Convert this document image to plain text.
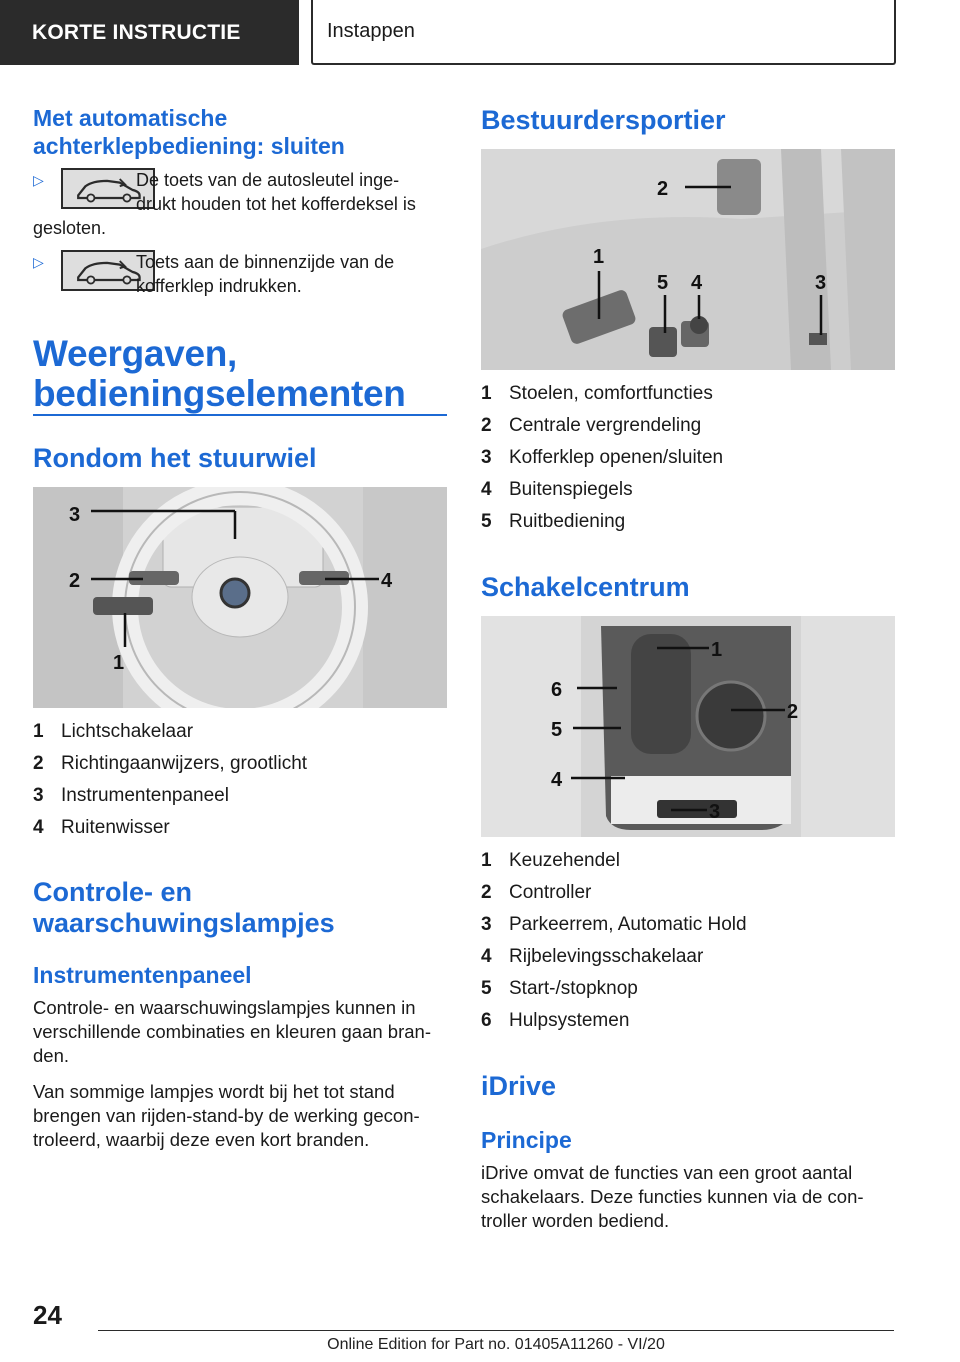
KORTE INSTRUCTIE	Instappen
Met automatische
achterklepbediening: sluiten
▷	De toets van de autosleutel inge-
drukt houden tot het kofferdeksel is
gesloten.
▷	Toets aan de binnenzijde van de
kofferklep indrukken.
Weergaven,
bedieningselementen
Rondom het stuurwiel
3
2	4
1
1 Lichtschakelaar
2 Richtingaanwijzers, grootlicht
3 Instrumentenpaneel
4 Ruitenwisser
Controle- en
waarschuwingslampjes
Instrumentenpaneel
Controle- en waarschuwingslampjes kunnen in
verschillende combinaties en kleuren gaan bran-
den.
Van sommige lampjes wordt bij het tot stand
brengen van rijden-stand-by de werking gecon-
troleerd, waarbij deze even kort branden.
Bestuurdersportier
2
1
5 4	3
1 Stoelen, comfortfuncties
2 Centrale vergrendeling
3 Kofferklep openen/sluiten
4 Buitenspiegels
5 Ruitbediening
Schakelcentrum
1
2
3
4
5
6
1 Keuzehendel
2 Controller
3 Parkeerrem, Automatic Hold
4 Rijbelevingsschakelaar
5 Start-/stopknop
6 Hulpsystemen
iDrive
Principe
iDrive omvat de functies van een groot aantal
schakelaars. Deze functies kunnen via de con-
troller worden bediend.
24
Online Edition for Part no. 01405A11260 - VI/20
